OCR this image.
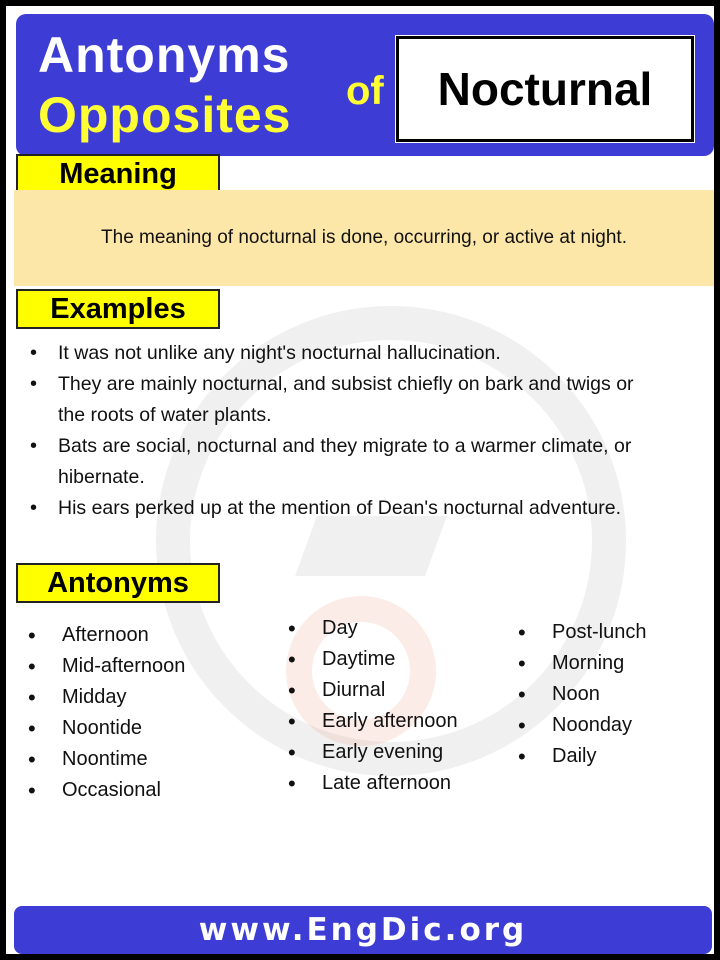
Antonyms
Opposites of Nocturnal
Meaning
The meaning of nocturnal is done, occurring, or active at night.
Examples
• It was not unlike any night's nocturnal hallucination.
• They are mainly nocturnal, and subsist chiefly on bark and twigs or the roots of water plants.
• Bats are social, nocturnal and they migrate to a warmer climate, or hibernate.
• His ears perked up at the mention of Dean's nocturnal adventure.
Antonyms
• Afternoon
• Mid-afternoon
• Midday
• Noontide
• Noontime
• Occasional
• Day
• Daytime
• Diurnal
• Early afternoon
• Early evening
• Late afternoon
• Post-lunch
• Morning
• Noon
• Noonday
• Daily
www.EngDic.org
